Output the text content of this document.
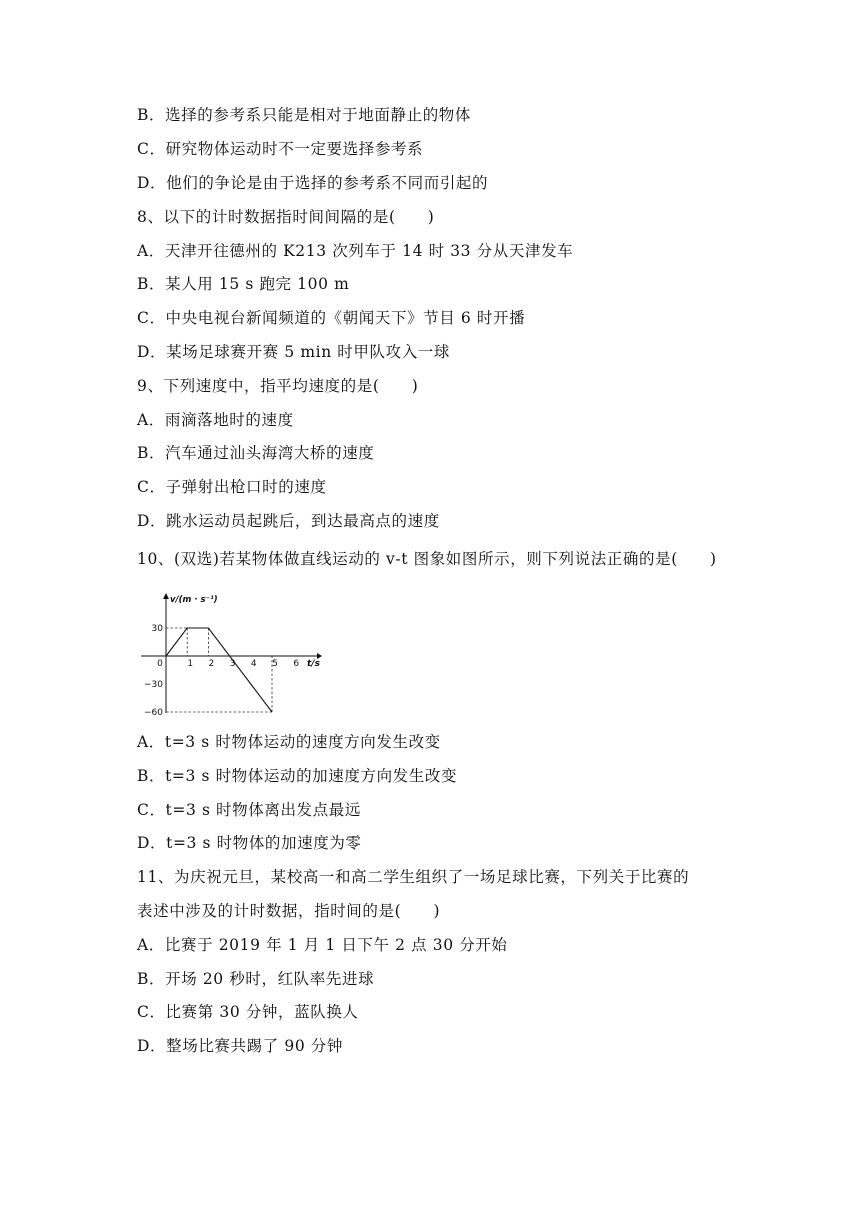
B．选择的参考系只能是相对于地面静止的物体
C．研究物体运动时不一定要选择参考系
D．他们的争论是由于选择的参考系不同而引起的
8、以下的计时数据指时间间隔的是(　　)
A．天津开往德州的 K213 次列车于 14 时 33 分从天津发车
B．某人用 15 s 跑完 100 m
C．中央电视台新闻频道的《朝闻天下》节目 6 时开播
D．某场足球赛开赛 5 min 时甲队攻入一球
9、下列速度中，指平均速度的是(　　)
A．雨滴落地时的速度
B．汽车通过汕头海湾大桥的速度
C．子弹射出枪口时的速度
D．跳水运动员起跳后，到达最高点的速度
10、(双选)若某物体做直线运动的 v-t 图象如图所示，则下列说法正确的是(　　)
0	1 2 3 4 5 6
30
−30
−60
v/(m · s⁻¹)
t/s
A．t=3 s 时物体运动的速度方向发生改变
B．t=3 s 时物体运动的加速度方向发生改变
C．t=3 s 时物体离出发点最远
D．t=3 s 时物体的加速度为零
11、为庆祝元旦，某校高一和高二学生组织了一场足球比赛，下列关于比赛的
表述中涉及的计时数据，指时间的是(　　)
A．比赛于 2019 年 1 月 1 日下午 2 点 30 分开始
B．开场 20 秒时，红队率先进球
C．比赛第 30 分钟，蓝队换人
D．整场比赛共踢了 90 分钟
